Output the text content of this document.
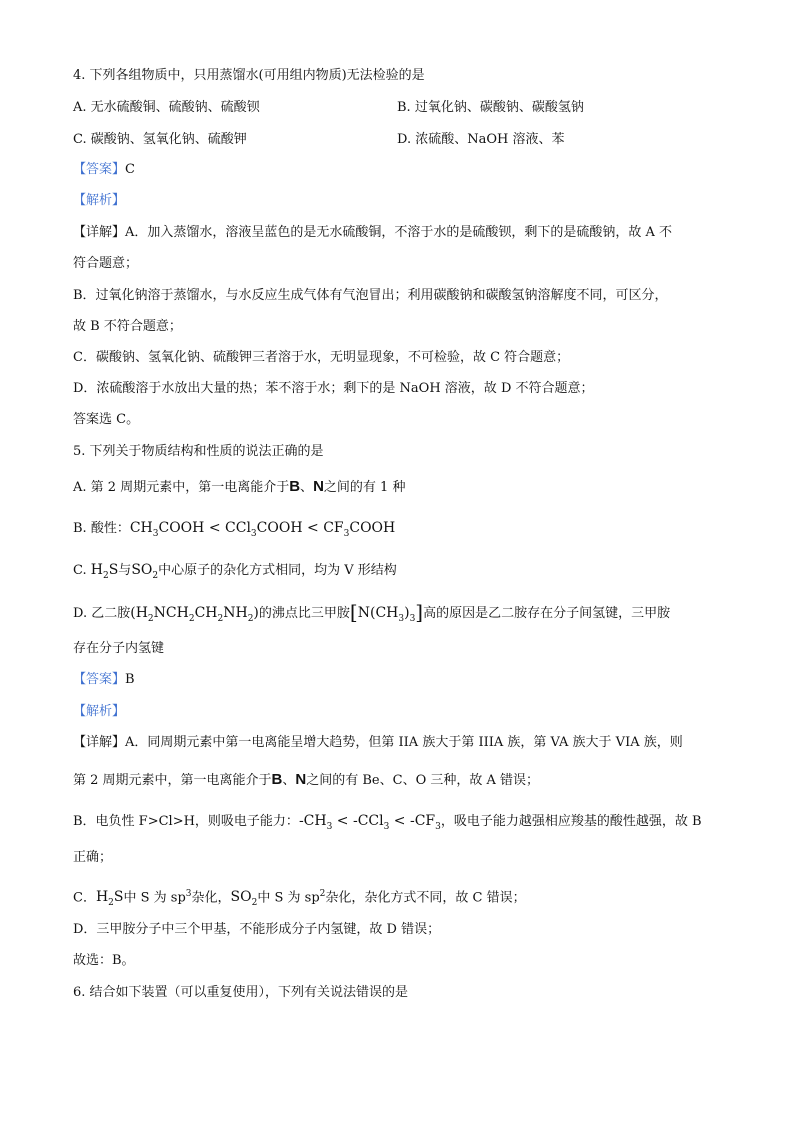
4. 下列各组物质中，只用蒸馏水(可用组内物质)无法检验的是
A. 无水硫酸铜、硫酸钠、硫酸钡	B. 过氧化钠、碳酸钠、碳酸氢钠
C. 碳酸钠、氢氧化钠、硫酸钾	D. 浓硫酸、NaOH 溶液、苯
【答案】C
【解析】
【详解】A．加入蒸馏水，溶液呈蓝色的是无水硫酸铜，不溶于水的是硫酸钡，剩下的是硫酸钠，故 A 不
符合题意；
B．过氧化钠溶于蒸馏水，与水反应生成气体有气泡冒出；利用碳酸钠和碳酸氢钠溶解度不同，可区分，
故 B 不符合题意；
C．碳酸钠、氢氧化钠、硫酸钾三者溶于水，无明显现象，不可检验，故 C 符合题意；
D．浓硫酸溶于水放出大量的热；苯不溶于水；剩下的是 NaOH 溶液，故 D 不符合题意；
答案选 C。
5. 下列关于物质结构和性质的说法正确的是
A. 第 2 周期元素中，第一电离能介于B、N之间的有 1 种
B. 酸性：$CH_3COOH$ < CCl$_3$COOH < $CF_3COOH$
C. $H_2S$与$SO_2$中心原子的杂化方式相同，均为 V 形结构
D. 乙二胺$(H_2NCH_2CH_2NH_2)$的沸点比三甲胺$[N(CH_3)_3]$高的原因是乙二胺存在分子间氢键，三甲胺
存在分子内氢键
【答案】B
【解析】
【详解】A．同周期元素中第一电离能呈增大趋势，但第 IIA 族大于第 IIIA 族，第 VA 族大于 VIA 族，则
第 2 周期元素中，第一电离能介于B、N之间的有 Be、C、O 三种，故 A 错误；
B．电负性 F>Cl>H，则吸电子能力：$-CH_3 < -CCl_3 < -CF_3$，吸电子能力越强相应羧基的酸性越强，故 B
正确；
C．$H_2S$中 S 为 $sp^3$杂化，$SO_2$中 S 为 $sp^2$杂化，杂化方式不同，故 C 错误；
D．三甲胺分子中三个甲基，不能形成分子内氢键，故 D 错误；
故选：B。
6. 结合如下装置（可以重复使用），下列有关说法错误的是
